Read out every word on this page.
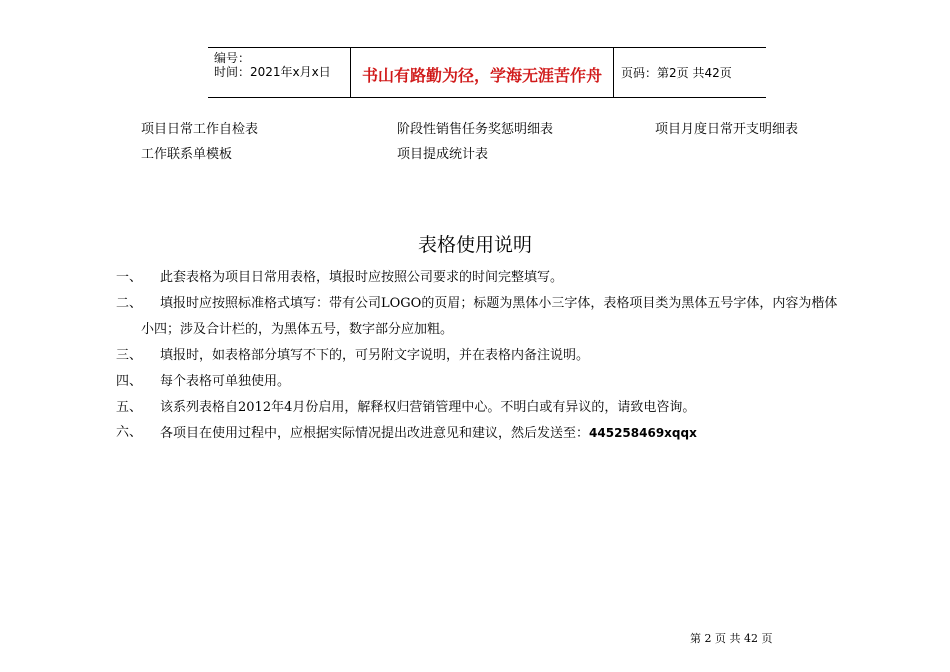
编号：
时间：2021年x月x日	书山有路勤为径，学海无涯苦作舟	页码：第2页 共42页
项目日常工作自检表	阶段性销售任务奖惩明细表	项目月度日常开支明细表
工作联系单模板	项目提成统计表
表格使用说明
一、 此套表格为项目日常用表格，填报时应按照公司要求的时间完整填写。
二、 填报时应按照标准格式填写：带有公司LOGO的页眉；标题为黑体小三字体，表格项目类为黑体五号字体，内容为楷体
小四；涉及合计栏的，为黑体五号，数字部分应加粗。
三、 填报时，如表格部分填写不下的，可另附文字说明，并在表格内备注说明。
四、 每个表格可单独使用。
五、 该系列表格自2012年4月份启用，解释权归营销管理中心。不明白或有异议的，请致电咨询。
六、 各项目在使用过程中，应根据实际情况提出改进意见和建议，然后发送至：445258469xqqx
第 2 页 共 42 页
